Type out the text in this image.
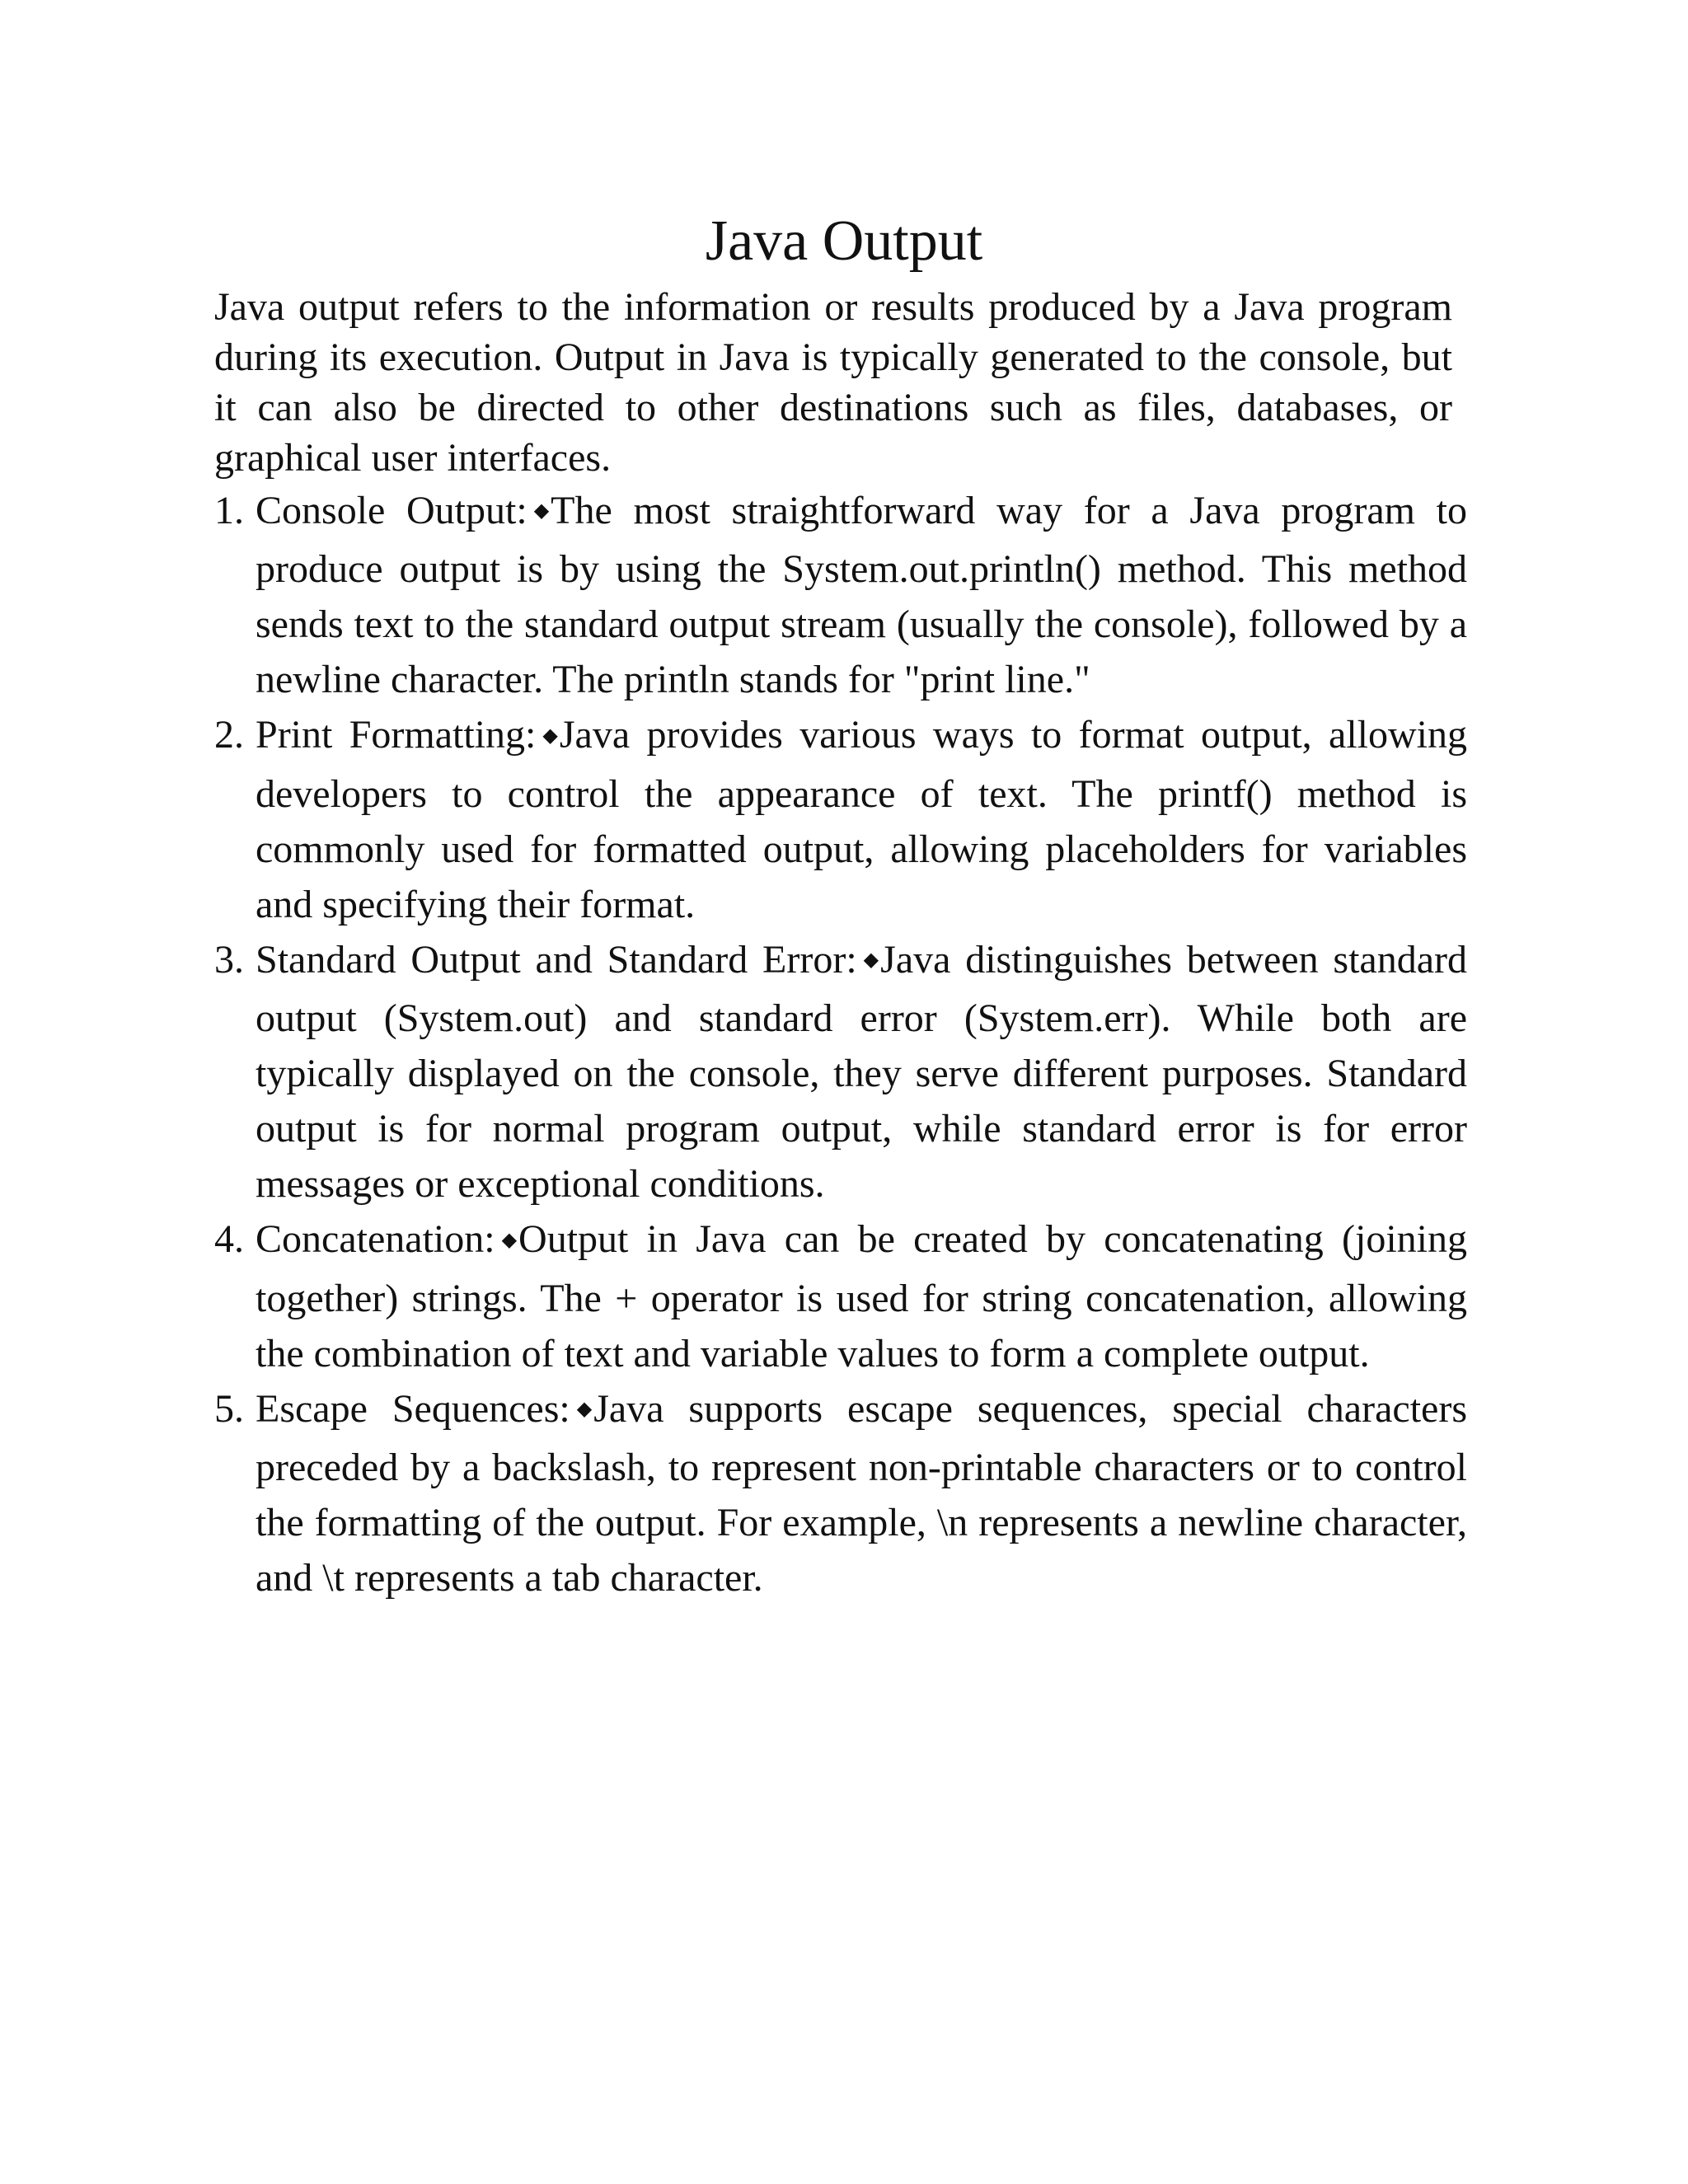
Java Output

Java output refers to the information or results produced by a Java program during its execution. Output in Java is typically generated to the console, but it can also be directed to other destinations such as files, databases, or graphical user interfaces.

1. Console Output: ◆The most straightforward way for a Java program to produce output is by using the System.out.println() method. This method sends text to the standard output stream (usually the console), followed by a newline character. The println stands for "print line."
2. Print Formatting: ◆Java provides various ways to format output, allowing developers to control the appearance of text. The printf() method is commonly used for formatted output, allowing placeholders for variables and specifying their format.
3. Standard Output and Standard Error: ◆Java distinguishes between standard output (System.out) and standard error (System.err). While both are typically displayed on the console, they serve different purposes. Standard output is for normal program output, while standard error is for error messages or exceptional conditions.
4. Concatenation: ◆Output in Java can be created by concatenating (joining together) strings. The + operator is used for string concatenation, allowing the combination of text and variable values to form a complete output.
5. Escape Sequences: ◆Java supports escape sequences, special characters preceded by a backslash, to represent non-printable characters or to control the formatting of the output. For example, \n represents a newline character, and \t represents a tab character.
